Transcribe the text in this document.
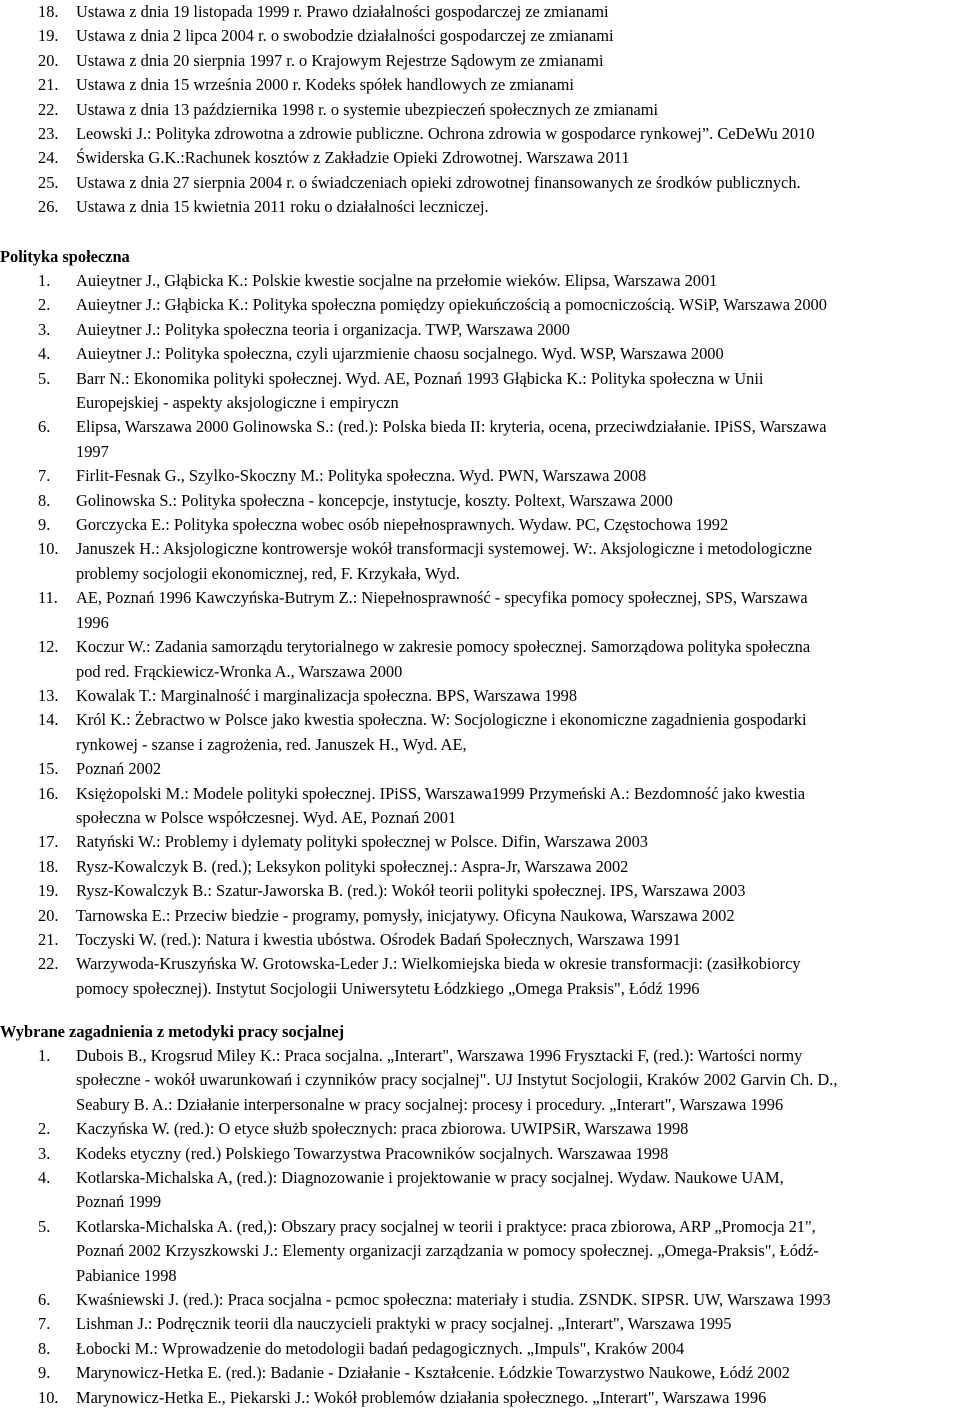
18. Ustawa z dnia 19 listopada 1999 r. Prawo działalności gospodarczej ze zmianami
19. Ustawa z dnia 2 lipca 2004 r. o swobodzie działalności gospodarczej ze zmianami
20. Ustawa z dnia 20 sierpnia 1997 r. o Krajowym Rejestrze Sądowym ze zmianami
21. Ustawa z dnia 15 września 2000 r. Kodeks spółek handlowych ze zmianami
22. Ustawa z dnia 13 października 1998 r. o systemie ubezpieczeń społecznych ze zmianami
23. Leowski J.: Polityka zdrowotna a zdrowie publiczne. Ochrona zdrowia w gospodarce rynkowej”. CeDeWu 2010
24. Świderska G.K.:Rachunek kosztów z Zakładzie Opieki Zdrowotnej. Warszawa 2011
25. Ustawa z dnia 27 sierpnia 2004 r. o świadczeniach opieki zdrowotnej finansowanych ze środków publicznych.
26. Ustawa z dnia 15 kwietnia 2011 roku o działalności leczniczej.
Polityka społeczna
1. Auieytner J., Głąbicka K.: Polskie kwestie socjalne na przełomie wieków. Elipsa, Warszawa 2001
2. Auieytner J.: Głąbicka K.: Polityka społeczna pomiędzy opiekuńczością a pomocniczością. WSiP, Warszawa 2000
3. Auieytner J.: Polityka społeczna teoria i organizacja. TWP, Warszawa 2000
4. Auieytner J.: Polityka społeczna, czyli ujarzmienie chaosu socjalnego. Wyd. WSP, Warszawa 2000
5. Barr N.: Ekonomika polityki społecznej. Wyd. AE, Poznań 1993 Głąbicka K.: Polityka społeczna w Unii
Europejskiej - aspekty aksjologiczne i empiryczn
6. Elipsa, Warszawa 2000 Golinowska S.: (red.): Polska bieda II: kryteria, ocena, przeciwdziałanie. IPiSS, Warszawa
1997
7. Firlit-Fesnak G., Szylko-Skoczny M.: Polityka społeczna. Wyd. PWN, Warszawa 2008
8. Golinowska S.: Polityka społeczna - koncepcje, instytucje, koszty. Poltext, Warszawa 2000
9. Gorczycka E.: Polityka społeczna wobec osób niepełnosprawnych. Wydaw. PC, Częstochowa 1992
10. Januszek H.: Aksjologiczne kontrowersje wokół transformacji systemowej. W:. Aksjologiczne i metodologiczne
problemy socjologii ekonomicznej, red, F. Krzykała, Wyd.
11. AE, Poznań 1996 Kawczyńska-Butrym Z.: Niepełnosprawność - specyfika pomocy społecznej, SPS, Warszawa
1996
12. Koczur W.: Zadania samorządu terytorialnego w zakresie pomocy społecznej. Samorządowa polityka społeczna
pod red. Frąckiewicz-Wronka A., Warszawa 2000
13. Kowalak T.: Marginalność i marginalizacja społeczna. BPS, Warszawa 1998
14. Król K.: Żebractwo w Polsce jako kwestia społeczna. W: Socjologiczne i ekonomiczne zagadnienia gospodarki
rynkowej - szanse i zagrożenia, red. Januszek H., Wyd. AE,
15. Poznań 2002
16. Księżopolski M.: Modele polityki społecznej. IPiSS, Warszawa1999 Przymeński A.: Bezdomność jako kwestia
społeczna w Polsce współczesnej. Wyd. AE, Poznań 2001
17. Ratyński W.: Problemy i dylematy polityki społecznej w Polsce. Difin, Warszawa 2003
18. Rysz-Kowalczyk B. (red.); Leksykon polityki społecznej.: Aspra-Jr, Warszawa 2002
19. Rysz-Kowalczyk B.: Szatur-Jaworska B. (red.): Wokół teorii polityki społecznej. IPS, Warszawa 2003
20. Tarnowska E.: Przeciw biedzie - programy, pomysły, inicjatywy. Oficyna Naukowa, Warszawa 2002
21. Toczyski W. (red.): Natura i kwestia ubóstwa. Ośrodek Badań Społecznych, Warszawa 1991
22. Warzywoda-Kruszyńska W. Grotowska-Leder J.: Wielkomiejska bieda w okresie transformacji: (zasiłkobiorcy
pomocy społecznej). Instytut Socjologii Uniwersytetu Łódzkiego „Omega Praksis", Łódź 1996
Wybrane zagadnienia z metodyki pracy socjalnej
1. Dubois B., Krogsrud Miley K.: Praca socjalna. „Interart", Warszawa 1996 Frysztacki F, (red.): Wartości normy
społeczne - wokół uwarunkowań i czynników pracy socjalnej". UJ Instytut Socjologii, Kraków 2002 Garvin Ch. D.,
Seabury B. A.: Działanie interpersonalne w pracy socjalnej: procesy i procedury. „Interart", Warszawa 1996
2. Kaczyńska W. (red.): O etyce służb społecznych: praca zbiorowa. UWIPSiR, Warszawa 1998
3. Kodeks etyczny (red.) Polskiego Towarzystwa Pracowników socjalnych. Warszawaa 1998
4. Kotlarska-Michalska A, (red.): Diagnozowanie i projektowanie w pracy socjalnej. Wydaw. Naukowe UAM,
Poznań 1999
5. Kotlarska-Michalska A. (red,): Obszary pracy socjalnej w teorii i praktyce: praca zbiorowa, ARP „Promocja 21",
Poznań 2002 Krzyszkowski J.: Elementy organizacji zarządzania w pomocy społecznej. „Omega-Praksis", Łódź-
Pabianice 1998
6. Kwaśniewski J. (red.): Praca socjalna - pcmoc społeczna: materiały i studia. ZSNDK. SIPSR. UW, Warszawa 1993
7. Lishman J.: Podręcznik teorii dla nauczycieli praktyki w pracy socjalnej. „Interart", Warszawa 1995
8. Łobocki M.: Wprowadzenie do metodologii badań pedagogicznych. „Impuls", Kraków 2004
9. Marynowicz-Hetka E. (red.): Badanie - Działanie - Kształcenie. Łódzkie Towarzystwo Naukowe, Łódź 2002
10. Marynowicz-Hetka E., Piekarski J.: Wokół problemów działania społecznego. „Interart", Warszawa 1996
